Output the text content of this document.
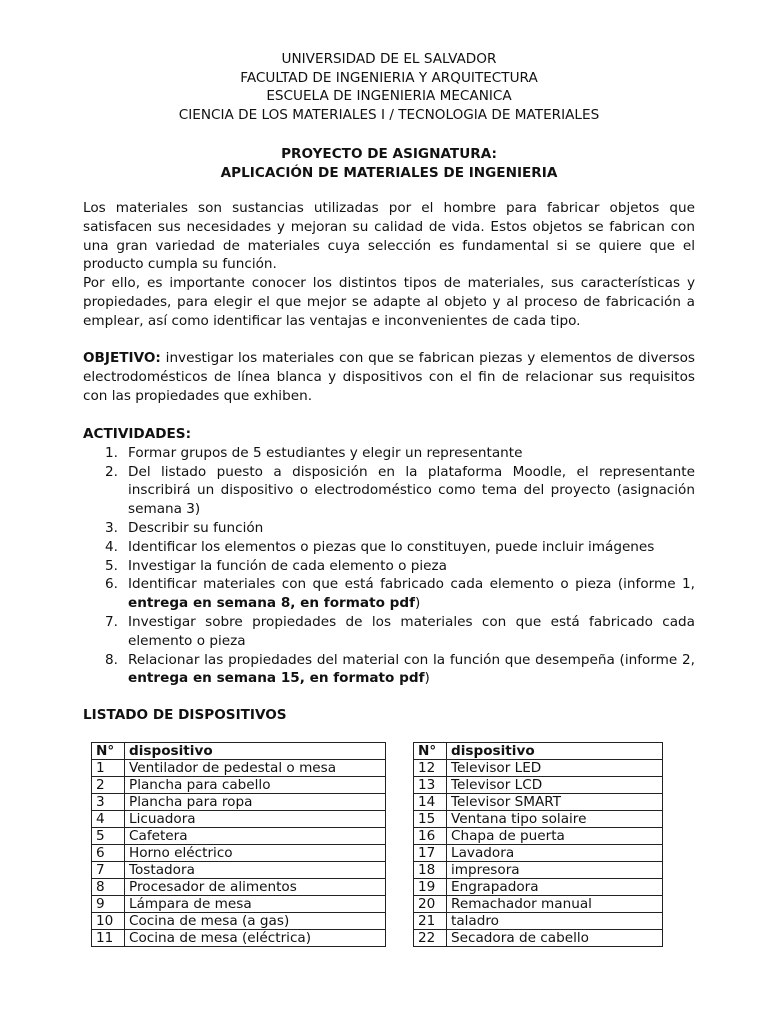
UNIVERSIDAD DE EL SALVADOR
FACULTAD DE INGENIERIA Y ARQUITECTURA
ESCUELA DE INGENIERIA MECANICA
CIENCIA DE LOS MATERIALES I / TECNOLOGIA DE MATERIALES
PROYECTO DE ASIGNATURA:
APLICACIÓN DE MATERIALES DE INGENIERIA

Los materiales son sustancias utilizadas por el hombre para fabricar objetos que satisfacen sus necesidades y mejoran su calidad de vida. Estos objetos se fabrican con una gran variedad de materiales cuya selección es fundamental si se quiere que el producto cumpla su función.

Por ello, es importante conocer los distintos tipos de materiales, sus características y propiedades, para elegir el que mejor se adapte al objeto y al proceso de fabricación a emplear, así como identificar las ventajas e inconvenientes de cada tipo.

OBJETIVO: investigar los materiales con que se fabrican piezas y elementos de diversos electrodomésticos de línea blanca y dispositivos con el fin de relacionar sus requisitos con las propiedades que exhiben.

ACTIVIDADES:
1. Formar grupos de 5 estudiantes y elegir un representante
2. Del listado puesto a disposición en la plataforma Moodle, el representante inscribirá un dispositivo o electrodoméstico como tema del proyecto (asignación semana 3)
3. Describir su función
4. Identificar los elementos o piezas que lo constituyen, puede incluir imágenes
5. Investigar la función de cada elemento o pieza
6. Identificar materiales con que está fabricado cada elemento o pieza (informe 1, entrega en semana 8, en formato pdf)
7. Investigar sobre propiedades de los materiales con que está fabricado cada elemento o pieza
8. Relacionar las propiedades del material con la función que desempeña (informe 2, entrega en semana 15, en formato pdf)
LISTADO DE DISPOSITIVOS
N°	dispositivo
1	Ventilador de pedestal o mesa
2	Plancha para cabello
3	Plancha para ropa
4	Licuadora
5	Cafetera
6	Horno eléctrico
7	Tostadora
8	Procesador de alimentos
9	Lámpara de mesa
10	Cocina de mesa (a gas)
11	Cocina de mesa (eléctrica)
N°	dispositivo
12	Televisor LED
13	Televisor LCD
14	Televisor SMART
15	Ventana tipo solaire
16	Chapa de puerta
17	Lavadora
18	impresora
19	Engrapadora
20	Remachador manual
21	taladro
22	Secadora de cabello
